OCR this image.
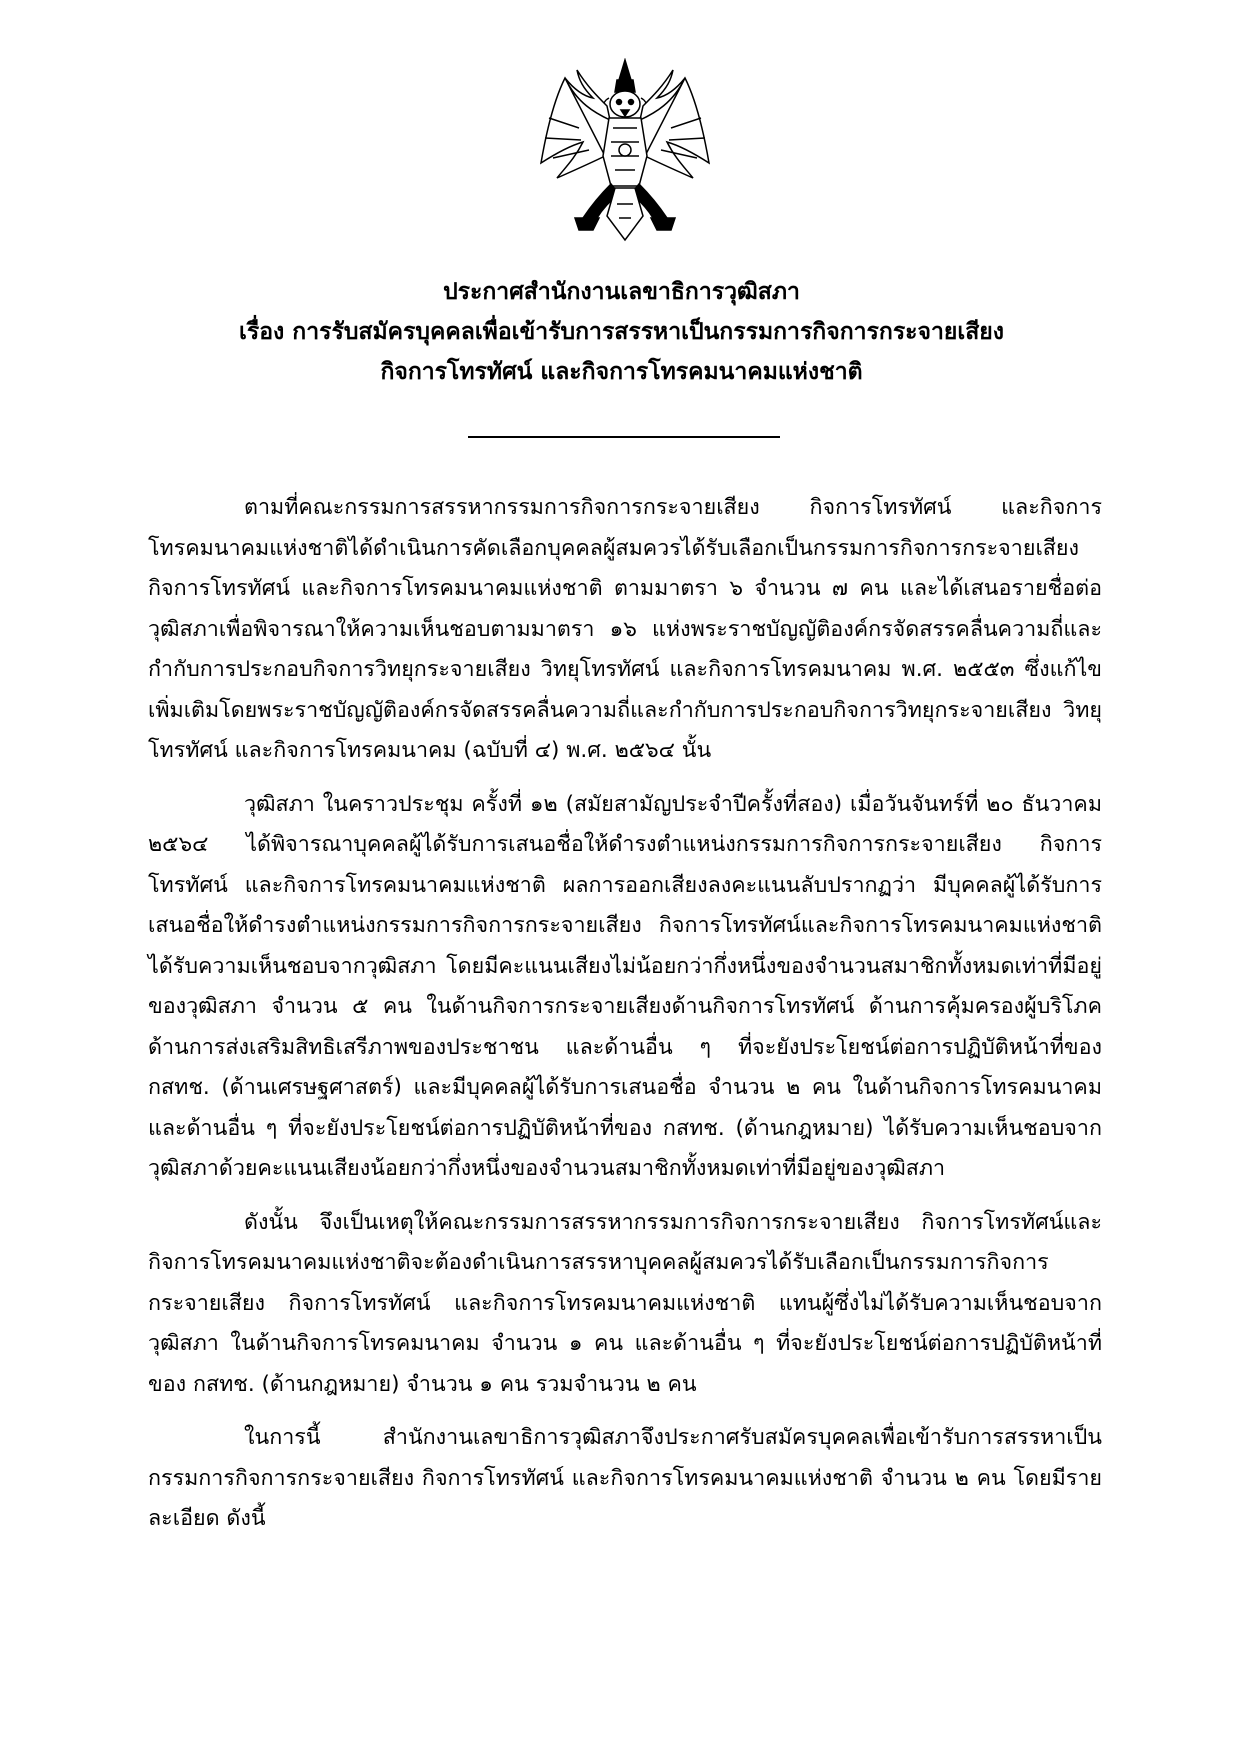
ประกาศสำนักงานเลขาธิการวุฒิสภา
เรื่อง การรับสมัครบุคคลเพื่อเข้ารับการสรรหาเป็นกรรมการกิจการกระจายเสียง
กิจการโทรทัศน์ และกิจการโทรคมนาคมแห่งชาติ

ตามที่คณะกรรมการสรรหากรรมการกิจการกระจายเสียง กิจการโทรทัศน์ และกิจการโทรคมนาคมแห่งชาติได้ดำเนินการคัดเลือกบุคคลผู้สมควรได้รับเลือกเป็นกรรมการกิจการกระจายเสียงกิจการโทรทัศน์ และกิจการโทรคมนาคมแห่งชาติ ตามมาตรา ๖ จำนวน ๗ คน และได้เสนอรายชื่อต่อวุฒิสภาเพื่อพิจารณาให้ความเห็นชอบตามมาตรา ๑๖ แห่งพระราชบัญญัติองค์กรจัดสรรคลื่นความถี่และกำกับการประกอบกิจการวิทยุกระจายเสียง วิทยุโทรทัศน์ และกิจการโทรคมนาคม พ.ศ. ๒๕๕๓ ซึ่งแก้ไขเพิ่มเติมโดยพระราชบัญญัติองค์กรจัดสรรคลื่นความถี่และกำกับการประกอบกิจการวิทยุกระจายเสียง วิทยุโทรทัศน์ และกิจการโทรคมนาคม (ฉบับที่ ๔) พ.ศ. ๒๕๖๔ นั้น

วุฒิสภา ในคราวประชุม ครั้งที่ ๑๒ (สมัยสามัญประจำปีครั้งที่สอง) เมื่อวันจันทร์ที่ ๒๐ ธันวาคม ๒๕๖๔ ได้พิจารณาบุคคลผู้ได้รับการเสนอชื่อให้ดำรงตำแหน่งกรรมการกิจการกระจายเสียง กิจการโทรทัศน์ และกิจการโทรคมนาคมแห่งชาติ ผลการออกเสียงลงคะแนนลับปรากฏว่า มีบุคคลผู้ได้รับการเสนอชื่อให้ดำรงตำแหน่งกรรมการกิจการกระจายเสียง กิจการโทรทัศน์และกิจการโทรคมนาคมแห่งชาติ ได้รับความเห็นชอบจากวุฒิสภา โดยมีคะแนนเสียงไม่น้อยกว่ากึ่งหนึ่งของจำนวนสมาชิกทั้งหมดเท่าที่มีอยู่ของวุฒิสภา จำนวน ๕ คน ในด้านกิจการกระจายเสียงด้านกิจการโทรทัศน์ ด้านการคุ้มครองผู้บริโภค ด้านการส่งเสริมสิทธิเสรีภาพของประชาชน และด้านอื่น ๆ ที่จะยังประโยชน์ต่อการปฏิบัติหน้าที่ของ กสทช. (ด้านเศรษฐศาสตร์) และมีบุคคลผู้ได้รับการเสนอชื่อ จำนวน ๒ คน ในด้านกิจการโทรคมนาคม และด้านอื่น ๆ ที่จะยังประโยชน์ต่อการปฏิบัติหน้าที่ของ กสทช. (ด้านกฎหมาย) ได้รับความเห็นชอบจากวุฒิสภาด้วยคะแนนเสียงน้อยกว่ากึ่งหนึ่งของจำนวนสมาชิกทั้งหมดเท่าที่มีอยู่ของวุฒิสภา

ดังนั้น จึงเป็นเหตุให้คณะกรรมการสรรหากรรมการกิจการกระจายเสียง กิจการโทรทัศน์และกิจการโทรคมนาคมแห่งชาติจะต้องดำเนินการสรรหาบุคคลผู้สมควรได้รับเลือกเป็นกรรมการกิจการกระจายเสียง กิจการโทรทัศน์ และกิจการโทรคมนาคมแห่งชาติ แทนผู้ซึ่งไม่ได้รับความเห็นชอบจากวุฒิสภา ในด้านกิจการโทรคมนาคม จำนวน ๑ คน และด้านอื่น ๆ ที่จะยังประโยชน์ต่อการปฏิบัติหน้าที่ของ กสทช. (ด้านกฎหมาย) จำนวน ๑ คน รวมจำนวน ๒ คน

ในการนี้ สำนักงานเลขาธิการวุฒิสภาจึงประกาศรับสมัครบุคคลเพื่อเข้ารับการสรรหาเป็นกรรมการกิจการกระจายเสียง กิจการโทรทัศน์ และกิจการโทรคมนาคมแห่งชาติ จำนวน ๒ คน โดยมีรายละเอียด ดังนี้
